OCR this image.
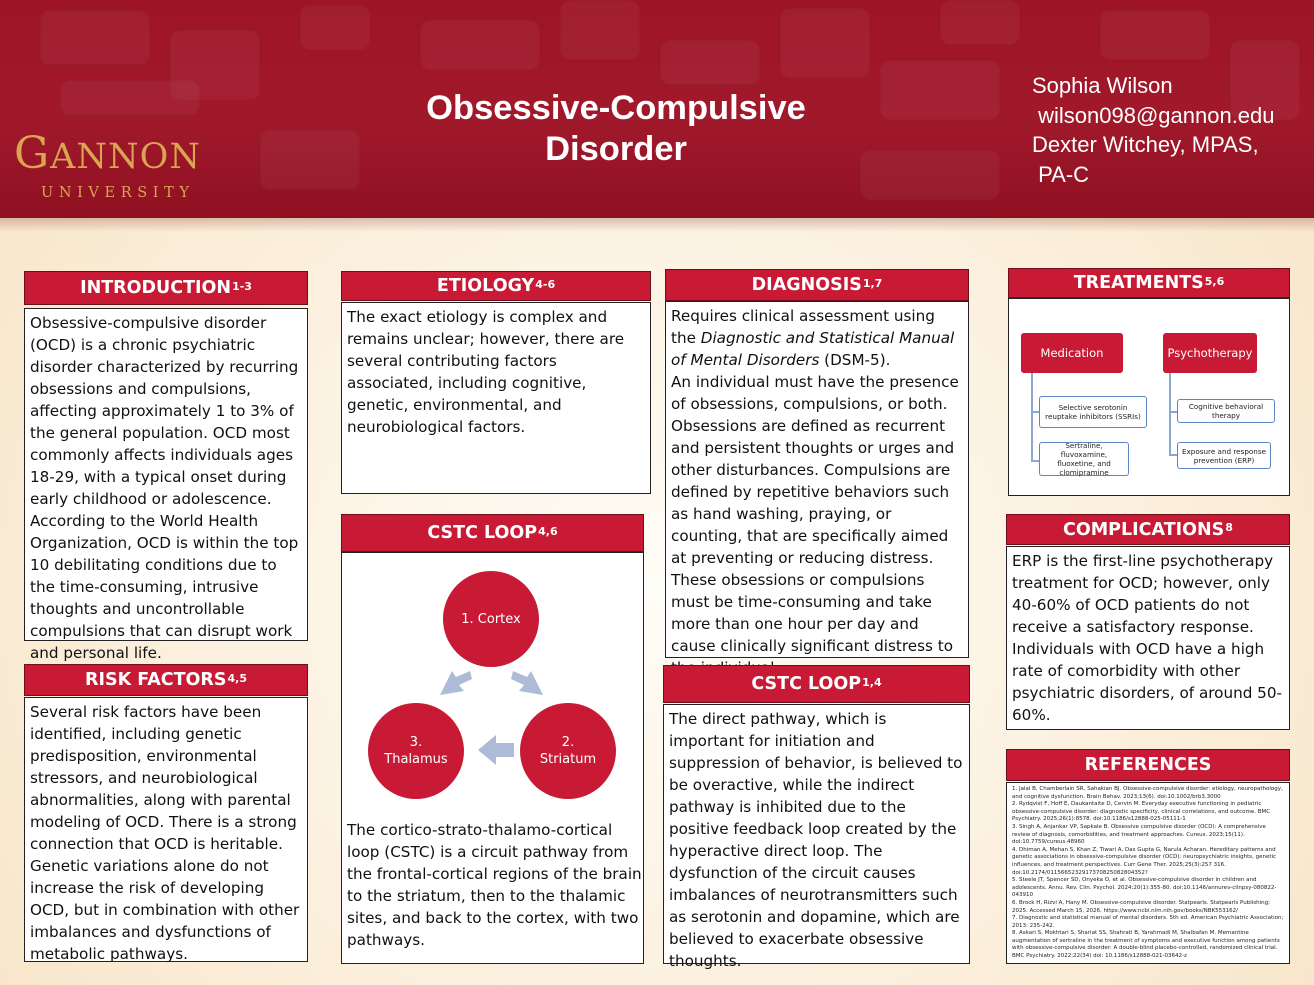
GANNON
UNIVERSITY
Obsessive-Compulsive
Disorder
Sophia Wilson
wilson098@gannon.edu
Dexter Witchey, MPAS,
PA-C
INTRODUCTION$^{1-3}$

Obsessive-compulsive disorder (OCD) is a chronic psychiatric disorder characterized by recurring obsessions and compulsions, affecting approximately 1 to 3% of the general population. OCD most commonly affects individuals ages 18-29, with a typical onset during early childhood or adolescence. According to the World Health Organization, OCD is within the top 10 debilitating conditions due to the time-consuming, intrusive thoughts and uncontrollable compulsions that can disrupt work and personal life.

RISK FACTORS$^{4,5}$

Several risk factors have been identified, including genetic predisposition, environmental stressors, and neurobiological abnormalities, along with parental modeling of OCD. There is a strong connection that OCD is heritable. Genetic variations alone do not increase the risk of developing OCD, but in combination with other imbalances and dysfunctions of metabolic pathways.

ETIOLOGY$^{4-6}$

The exact etiology is complex and remains unclear; however, there are several contributing factors associated, including cognitive, genetic, environmental, and neurobiological factors.

CSTC LOOP$^{4,6}$
1. Cortex
2.
Striatum
3.
Thalamus

The cortico-strato-thalamo-cortical loop (CSTC) is a circuit pathway from the frontal-cortical regions of the brain to the striatum, then to the thalamic sites, and back to the cortex, with two pathways.

DIAGNOSIS$^{1,7}$

Requires clinical assessment using the Diagnostic and Statistical Manual of Mental Disorders (DSM-5).

An individual must have the presence of obsessions, compulsions, or both. Obsessions are defined as recurrent and persistent thoughts or urges and other disturbances. Compulsions are defined by repetitive behaviors such as hand washing, praying, or counting, that are specifically aimed at preventing or reducing distress. These obsessions or compulsions must be time-consuming and take more than one hour per day and cause clinically significant distress to

CSTC LOOP$^{1,4}$

The direct pathway, which is important for initiation and suppression of behavior, is believed to be overactive, while the indirect pathway is inhibited due to the positive feedback loop created by the hyperactive direct loop. The dysfunction of the circuit causes imbalances of neurotransmitters such as serotonin and dopamine, which are believed to exacerbate obsessive thoughts.

TREATMENTS$^{5,6}$
Medication	Psychotherapy
Selective serotonin reuptake inhibitors (SSRIs)
Sertraline, fluvoxamine, fluoxetine, and clomipramine
Cognitive behavioral therapy
Exposure and response prevention (ERP)
COMPLICATIONS$^8$

ERP is the first-line psychotherapy treatment for OCD; however, only 40-60% of OCD patients do not receive a satisfactory response. Individuals with OCD have a high rate of comorbidity with other psychiatric disorders, of around 50-60%.

REFERENCES
1. Jalal B, Chamberlain SR, Sahakian BJ. Obsessive-compulsive disorder: etiology, neuropathology, and cognitive dysfunction. Brain Behav. 2023;13(6). doi:10.1002/brb3.3000
2. Rydqvist F, Hoff E, Daukantaite D, Cervin M. Everyday executive functioning in pediatric obsessive-compulsive disorder: diagnostic specificity, clinical correlations, and outcome. BMC Psychiatry. 2025;26(1):8578. doi:10.1186/s12888-025-05111-1
3. Singh A, Anjankar VP, Sapkale B. Obsessive compulsive disorder (OCD): A comprehensive review of diagnosis, comorbidities, and treatment approaches. Cureus. 2023;15(11). doi:10.7759/cureus.48960
4. Dhiman A, Mehan S, Khan Z, Tiwari A, Das Gupta G, Narula Acharan. Hereditary patterns and genetic associations in obsessive-compulsive disorder (OCD): neuropsychiatric insights, genetic influences, and treatment perspectives. Curr Gene Ther. 2025;25(3):257 316. doi:10.2174/0115665232917370825082804352?
5. Steele JT, Spencer SD, Onyeka O, et al. Obsessive-compulsive disorder in children and adolescents. Annu. Rev. Clin. Psychol. 2024;20(1):355-80. doi:10.1146/annurev-clinpsy-080822-043910
6. Brock H, Rizvi A, Hany M. Obsessive-compulsive disorder. Statpearls. Statpearls Publishing; 2025. Accessed March 15, 2026. https://www.ncbi.nlm.nih.gov/books/NBK553162/
7. Diagnostic and statistical manual of mental disorders. 5th ed. American Psychiatric Association; 2013: 235-242.
8. Askari S, Mokhtari S, Shariat SS, Shahrati B, Yarahmadi M, Shalbafan M. Memantine augmentation of sertraline in the treatment of symptoms and executive function among patients with obsessive-compulsive disorder: A double-blind placebo-controlled, randomized clinical trial. BMC Psychiatry. 2022;22(34) doi: 10.1186/s12888-021-03642-z
